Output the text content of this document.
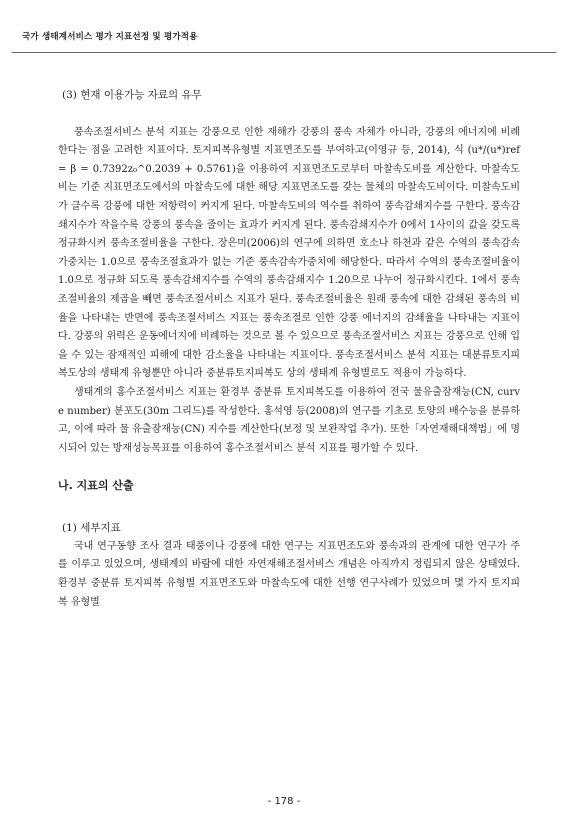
국가 생태계서비스 평가 지표선정 및 평가적용

(3) 현재 이용가능 자료의 유무

풍속조절서비스 분석 지표는 강풍으로 인한 재해가 강풍의 풍속 자체가 아니라, 강풍의 에너지에 비례한다는 점을 고려한 지표이다. 토지피복유형별 지표면조도를 부여하고(이영규 등, 2014), 식 (u*/(u*)ref = β = 0.7392z₀^0.2039 + 0.5761)을 이용하여 지표면조도로부터 마찰속도비를 계산한다. 마찰속도비는 기준 지표면조도에서의 마찰속도에 대한 해당 지표면조도를 갖는 물체의 마찰속도비이다. 미찰속도비가 클수록 강풍에 대한 저항력이 커지게 된다. 마찰속도비의 역수를 취하여 풍속감쇄지수를 구한다. 풍속감쇄지수가 작을수록 강풍의 풍속을 줄이는 효과가 커지게 된다. 풍속감쇄지수가 0에서 1사이의 값을 갖도록 정규화시켜 풍속조절비율을 구한다. 장은미(2006)의 연구에 의하면 호소나 하천과 같은 수역의 풍속감속가중치는 1.0으로 풍속조절효과가 없는 기준 풍속감속가중치에 해당한다. 따라서 수역의 풍속조절비율이 1.0으로 정규화 되도록 풍속감쇄지수를 수역의 풍속감쇄지수 1.20으로 나누어 정규화시킨다. 1에서 풍속조절비율의 제곱을 빼면 풍속조절서비스 지표가 된다. 풍속조절비율은 원래 풍속에 대한 감쇄된 풍속의 비율을 나타내는 반면에 풍속조절서비스 지표는 풍속조절로 인한 강풍 에너지의 감쇄율을 나타내는 지표이다. 강풍의 위력은 운동에너지에 비례하는 것으로 볼 수 있으므로 풍속조절서비스 지표는 강풍으로 인해 입을 수 있는 잠재적인 피해에 대한 감소율을 나타내는 지표이다. 풍속조절서비스 분석 지표는 대분류토지피복도상의 생태계 유형뿐만 아니라 중분류토지피복도 상의 생태계 유형별로도 적용이 가능하다.

생태계의 홍수조절서비스 지표는 환경부 중분류 토지피복도를 이용하여 전국 물유출잠재능(CN, curve number) 분포도(30m 그리드)를 작성한다. 홍석영 등(2008)의 연구를 기초로 토양의 배수능을 분류하고, 이에 따라 물 유출잠재능(CN) 지수를 계산한다(보정 및 보완작업 추가). 또한「자연재해대책법」에 명시되어 있는 방재성능목표를 이용하여 홍수조절서비스 분석 지표를 평가할 수 있다.

나. 지표의 산출

(1) 세부지표

국내 연구동향 조사 결과 태풍이나 강풍에 대한 연구는 지표면조도와 풍속과의 관계에 대한 연구가 주를 이루고 있었으며, 생태계의 바람에 대한 자연재해조절서비스 개념은 아직까지 정립되지 않은 상태였다. 환경부 중분류 토지피복 유형별 지표면조도와 마찰속도에 대한 선행 연구사례가 있었으며 몇 가지 토지피복 유형별

- 178 -
